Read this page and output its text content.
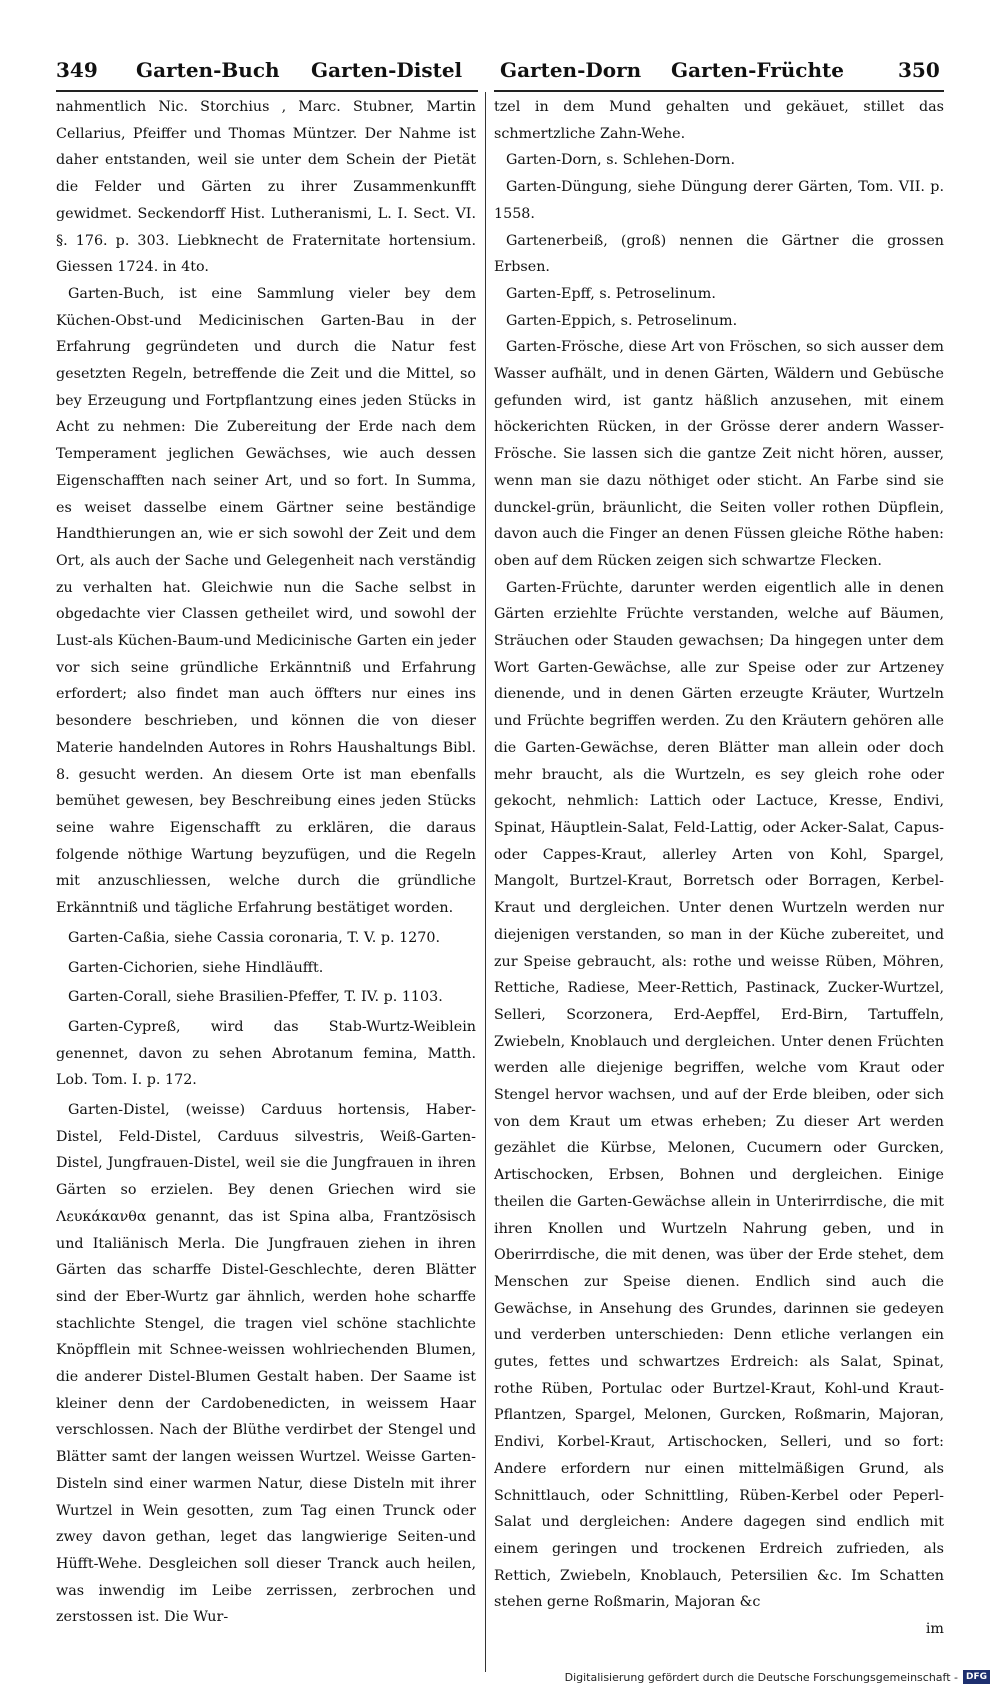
349 Garten-Buch Garten-Distel Garten-Dorn Garten-Früchte	350

nahmentlich Nic. Storchius , Marc. Stubner, Martin Cellarius, Pfeiffer und Thomas Müntzer. Der Nahme ist daher entstanden, weil sie unter dem Schein der Pietät die Felder und Gärten zu ihrer Zusammenkunfft gewidmet. Seckendorff Hist. Lutheranismi, L. I. Sect. VI. §. 176. p. 303. Liebknecht de Fraternitate hortensium. Giessen 1724. in 4to.

Garten-Buch, ist eine Sammlung vieler bey dem Küchen-Obst-und Medicinischen Garten-Bau in der Erfahrung gegründeten und durch die Natur fest gesetzten Regeln, betreffende die Zeit und die Mittel, so bey Erzeugung und Fortpflantzung eines jeden Stücks in Acht zu nehmen: Die Zubereitung der Erde nach dem Temperament jeglichen Gewächses, wie auch dessen Eigenschafften nach seiner Art, und so fort. In Summa, es weiset dasselbe einem Gärtner seine beständige Handthierungen an, wie er sich sowohl der Zeit und dem Ort, als auch der Sache und Gelegenheit nach verständig zu verhalten hat. Gleichwie nun die Sache selbst in obgedachte vier Classen getheilet wird, und sowohl der Lust-als Küchen-Baum-und Medicinische Garten ein jeder vor sich seine gründliche Erkänntniß und Erfahrung erfordert; also findet man auch öffters nur eines ins besondere beschrieben, und können die von dieser Materie handelnden Autores in Rohrs Haushaltungs Bibl. 8. gesucht werden. An diesem Orte ist man ebenfalls bemühet gewesen, bey Beschreibung eines jeden Stücks seine wahre Eigenschafft zu erklären, die daraus folgende nöthige Wartung beyzufügen, und die Regeln mit anzuschliessen, welche durch die gründliche Erkänntniß und tägliche Erfahrung bestätiget worden.

Garten-Caßia, siehe Cassia coronaria, T. V. p. 1270.

Garten-Cichorien, siehe Hindläufft.

Garten-Corall, siehe Brasilien-Pfeffer, T. IV. p. 1103.

Garten-Cypreß, wird das Stab-Wurtz-Weiblein genennet, davon zu sehen Abrotanum femina, Matth. Lob. Tom. I. p. 172.

Garten-Distel, (weisse) Carduus hortensis, Haber-Distel, Feld-Distel, Carduus silvestris, Weiß-Garten-Distel, Jungfrauen-Distel, weil sie die Jungfrauen in ihren Gärten so erzielen. Bey denen Griechen wird sie Λευκάκανθα genannt, das ist Spina alba, Frantzösisch und Italiänisch Merla. Die Jungfrauen ziehen in ihren Gärten das scharffe Distel-Geschlechte, deren Blätter sind der Eber-Wurtz gar ähnlich, werden hohe scharffe stachlichte Stengel, die tragen viel schöne stachlichte Knöpfflein mit Schnee-weissen wohlriechenden Blumen, die anderer Distel-Blumen Gestalt haben. Der Saame ist kleiner denn der Cardobenedicten, in weissem Haar verschlossen. Nach der Blüthe verdirbet der Stengel und Blätter samt der langen weissen Wurtzel. Weisse Garten-Disteln sind einer warmen Natur, diese Disteln mit ihrer Wurtzel in Wein gesotten, zum Tag einen Trunck oder zwey davon gethan, leget das langwierige Seiten-und Hüfft-Wehe. Desgleichen soll dieser Tranck auch heilen, was inwendig im Leibe zerrissen, zerbrochen und zerstossen ist. Die Wur-

tzel in dem Mund gehalten und gekäuet, stillet das schmertzliche Zahn-Wehe.

Garten-Dorn, s. Schlehen-Dorn.

Garten-Düngung, siehe Düngung derer Gärten, Tom. VII. p. 1558.

Gartenerbeiß, (groß) nennen die Gärtner die grossen Erbsen.

Garten-Epff, s. Petroselinum.

Garten-Eppich, s. Petroselinum.

Garten-Frösche, diese Art von Fröschen, so sich ausser dem Wasser aufhält, und in denen Gärten, Wäldern und Gebüsche gefunden wird, ist gantz häßlich anzusehen, mit einem höckerichten Rücken, in der Grösse derer andern Wasser-Frösche. Sie lassen sich die gantze Zeit nicht hören, ausser, wenn man sie dazu nöthiget oder sticht. An Farbe sind sie dunckel-grün, bräunlicht, die Seiten voller rothen Düpflein, davon auch die Finger an denen Füssen gleiche Röthe haben: oben auf dem Rücken zeigen sich schwartze Flecken.

Garten-Früchte, darunter werden eigentlich alle in denen Gärten erziehlte Früchte verstanden, welche auf Bäumen, Sträuchen oder Stauden gewachsen; Da hingegen unter dem Wort Garten-Gewächse, alle zur Speise oder zur Artzeney dienende, und in denen Gärten erzeugte Kräuter, Wurtzeln und Früchte begriffen werden. Zu den Kräutern gehören alle die Garten-Gewächse, deren Blätter man allein oder doch mehr braucht, als die Wurtzeln, es sey gleich rohe oder gekocht, nehmlich: Lattich oder Lactuce, Kresse, Endivi, Spinat, Häuptlein-Salat, Feld-Lattig, oder Acker-Salat, Capus- oder Cappes-Kraut, allerley Arten von Kohl, Spargel, Mangolt, Burtzel-Kraut, Borretsch oder Borragen, Kerbel-Kraut und dergleichen. Unter denen Wurtzeln werden nur diejenigen verstanden, so man in der Küche zubereitet, und zur Speise gebraucht, als: rothe und weisse Rüben, Möhren, Rettiche, Radiese, Meer-Rettich, Pastinack, Zucker-Wurtzel, Selleri, Scorzonera, Erd-Aepffel, Erd-Birn, Tartuffeln, Zwiebeln, Knoblauch und dergleichen. Unter denen Früchten werden alle diejenige begriffen, welche vom Kraut oder Stengel hervor wachsen, und auf der Erde bleiben, oder sich von dem Kraut um etwas erheben; Zu dieser Art werden gezählet die Kürbse, Melonen, Cucumern oder Gurcken, Artischocken, Erbsen, Bohnen und dergleichen. Einige theilen die Garten-Gewächse allein in Unterirrdische, die mit ihren Knollen und Wurtzeln Nahrung geben, und in Oberirrdische, die mit denen, was über der Erde stehet, dem Menschen zur Speise dienen. Endlich sind auch die Gewächse, in Ansehung des Grundes, darinnen sie gedeyen und verderben unterschieden: Denn etliche verlangen ein gutes, fettes und schwartzes Erdreich: als Salat, Spinat, rothe Rüben, Portulac oder Burtzel-Kraut, Kohl-und Kraut-Pflantzen, Spargel, Melonen, Gurcken, Roßmarin, Majoran, Endivi, Korbel-Kraut, Artischocken, Selleri, und so fort: Andere erfordern nur einen mittelmäßigen Grund, als Schnittlauch, oder Schnittling, Rüben-Kerbel oder Peperl-Salat und dergleichen: Andere dagegen sind endlich mit einem geringen und trockenen Erdreich zufrieden, als Rettich, Zwiebeln, Knoblauch, Petersilien &c. Im Schatten stehen gerne Roßmarin, Majoran &c

im

Digitalisierung gefördert durch die Deutsche Forschungsgemeinschaft - DFG
